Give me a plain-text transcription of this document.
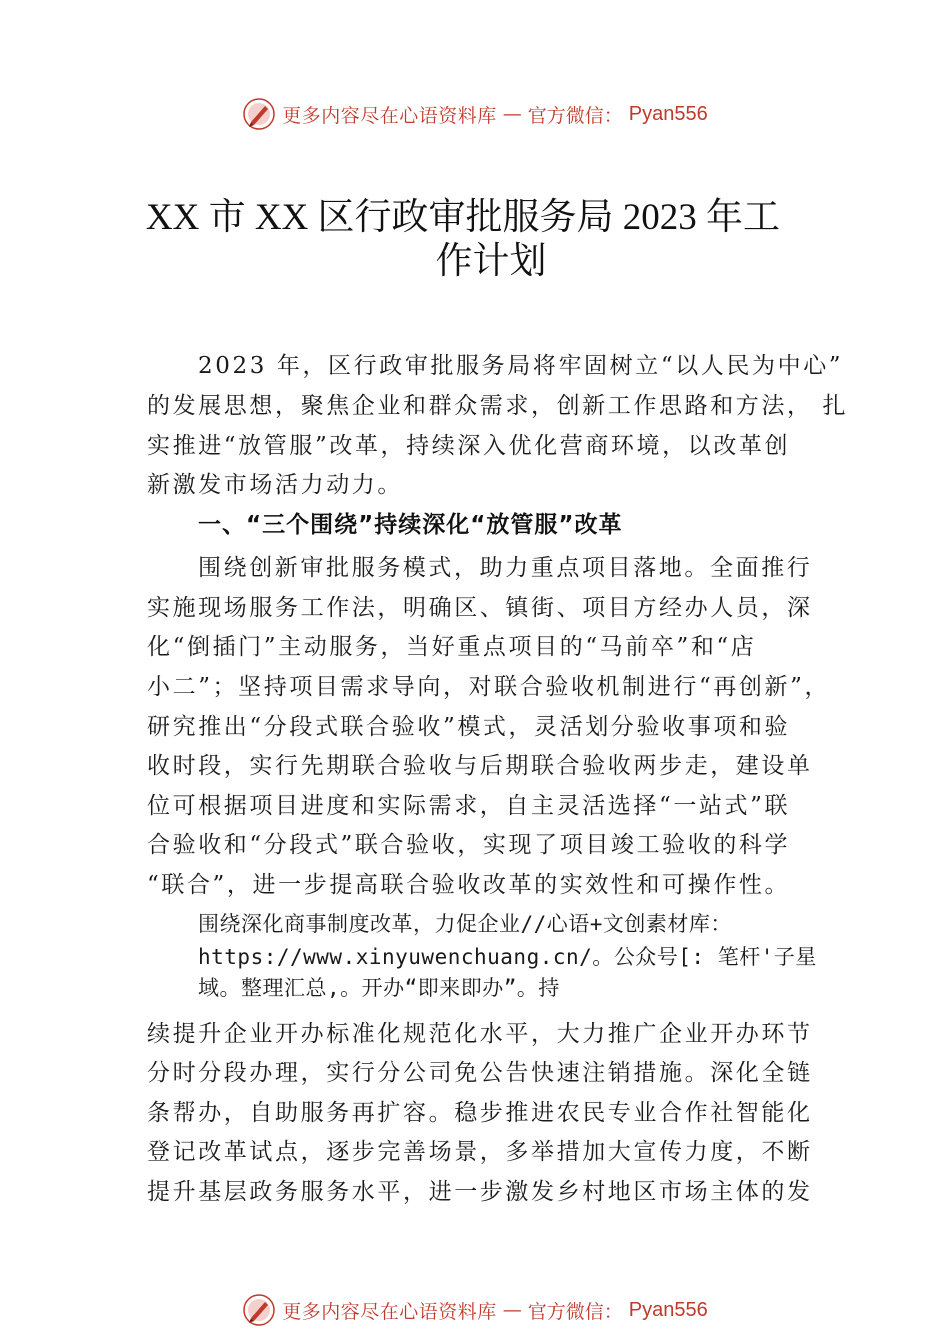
更多内容尽在心语资料库 — 官方微信： Pyan556
XX 市 XX 区行政审批服务局 2023 年工
作计划

2023 年，区行政审批服务局将牢固树立“以人民为中心”

的发展思想，聚焦企业和群众需求，创新工作思路和方法， 扎

实推进“放管服”改革，持续深入优化营商环境，以改革创

新激发市场活力动力。

一、“三个围绕”持续深化“放管服”改革

围绕创新审批服务模式，助力重点项目落地。全面推行

实施现场服务工作法，明确区、镇街、项目方经办人员，深

化“倒插门”主动服务，当好重点项目的“马前卒”和“店

小二”；坚持项目需求导向，对联合验收机制进行“再创新”，

研究推出“分段式联合验收”模式，灵活划分验收事项和验

收时段，实行先期联合验收与后期联合验收两步走，建设单

位可根据项目进度和实际需求，自主灵活选择“一站式”联

合验收和“分段式”联合验收，实现了项目竣工验收的科学

“联合”，进一步提高联合验收改革的实效性和可操作性。

围绕深化商事制度改革，力促企业//心语+文创素材库：

https://www.xinyuwenchuang.cn/。公众号[: 笔杆'子星

域。整理汇总,。开办“即来即办”。持

续提升企业开办标准化规范化水平，大力推广企业开办环节

分时分段办理，实行分公司免公告快速注销措施。深化全链

条帮办，自助服务再扩容。稳步推进农民专业合作社智能化

登记改革试点，逐步完善场景，多举措加大宣传力度，不断

提升基层政务服务水平，进一步激发乡村地区市场主体的发

更多内容尽在心语资料库 — 官方微信： Pyan556
